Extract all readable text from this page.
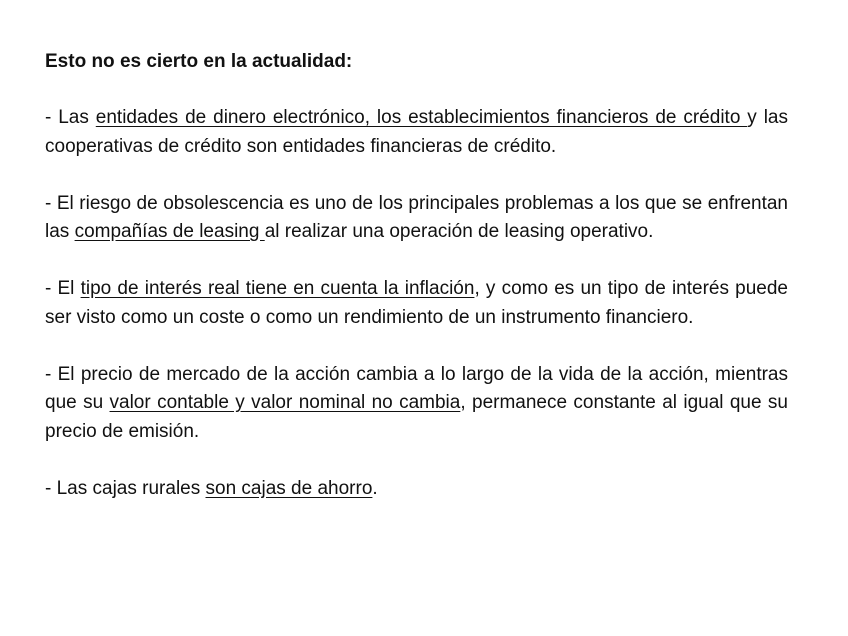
Esto no es cierto en la actualidad:
- Las entidades de dinero electrónico, los establecimientos financieros de crédito y las cooperativas de crédito son entidades financieras de crédito.
- El riesgo de obsolescencia es uno de los principales problemas a los que se enfrentan las compañías de leasing al realizar una operación de leasing operativo.
- El tipo de interés real tiene en cuenta la inflación, y como es un tipo de interés puede ser visto como un coste o como un rendimiento de un instrumento financiero.
- El precio de mercado de la acción cambia a lo largo de la vida de la acción, mientras que su valor contable y valor nominal no cambia, permanece constante al igual que su precio de emisión.
- Las cajas rurales son cajas de ahorro.
